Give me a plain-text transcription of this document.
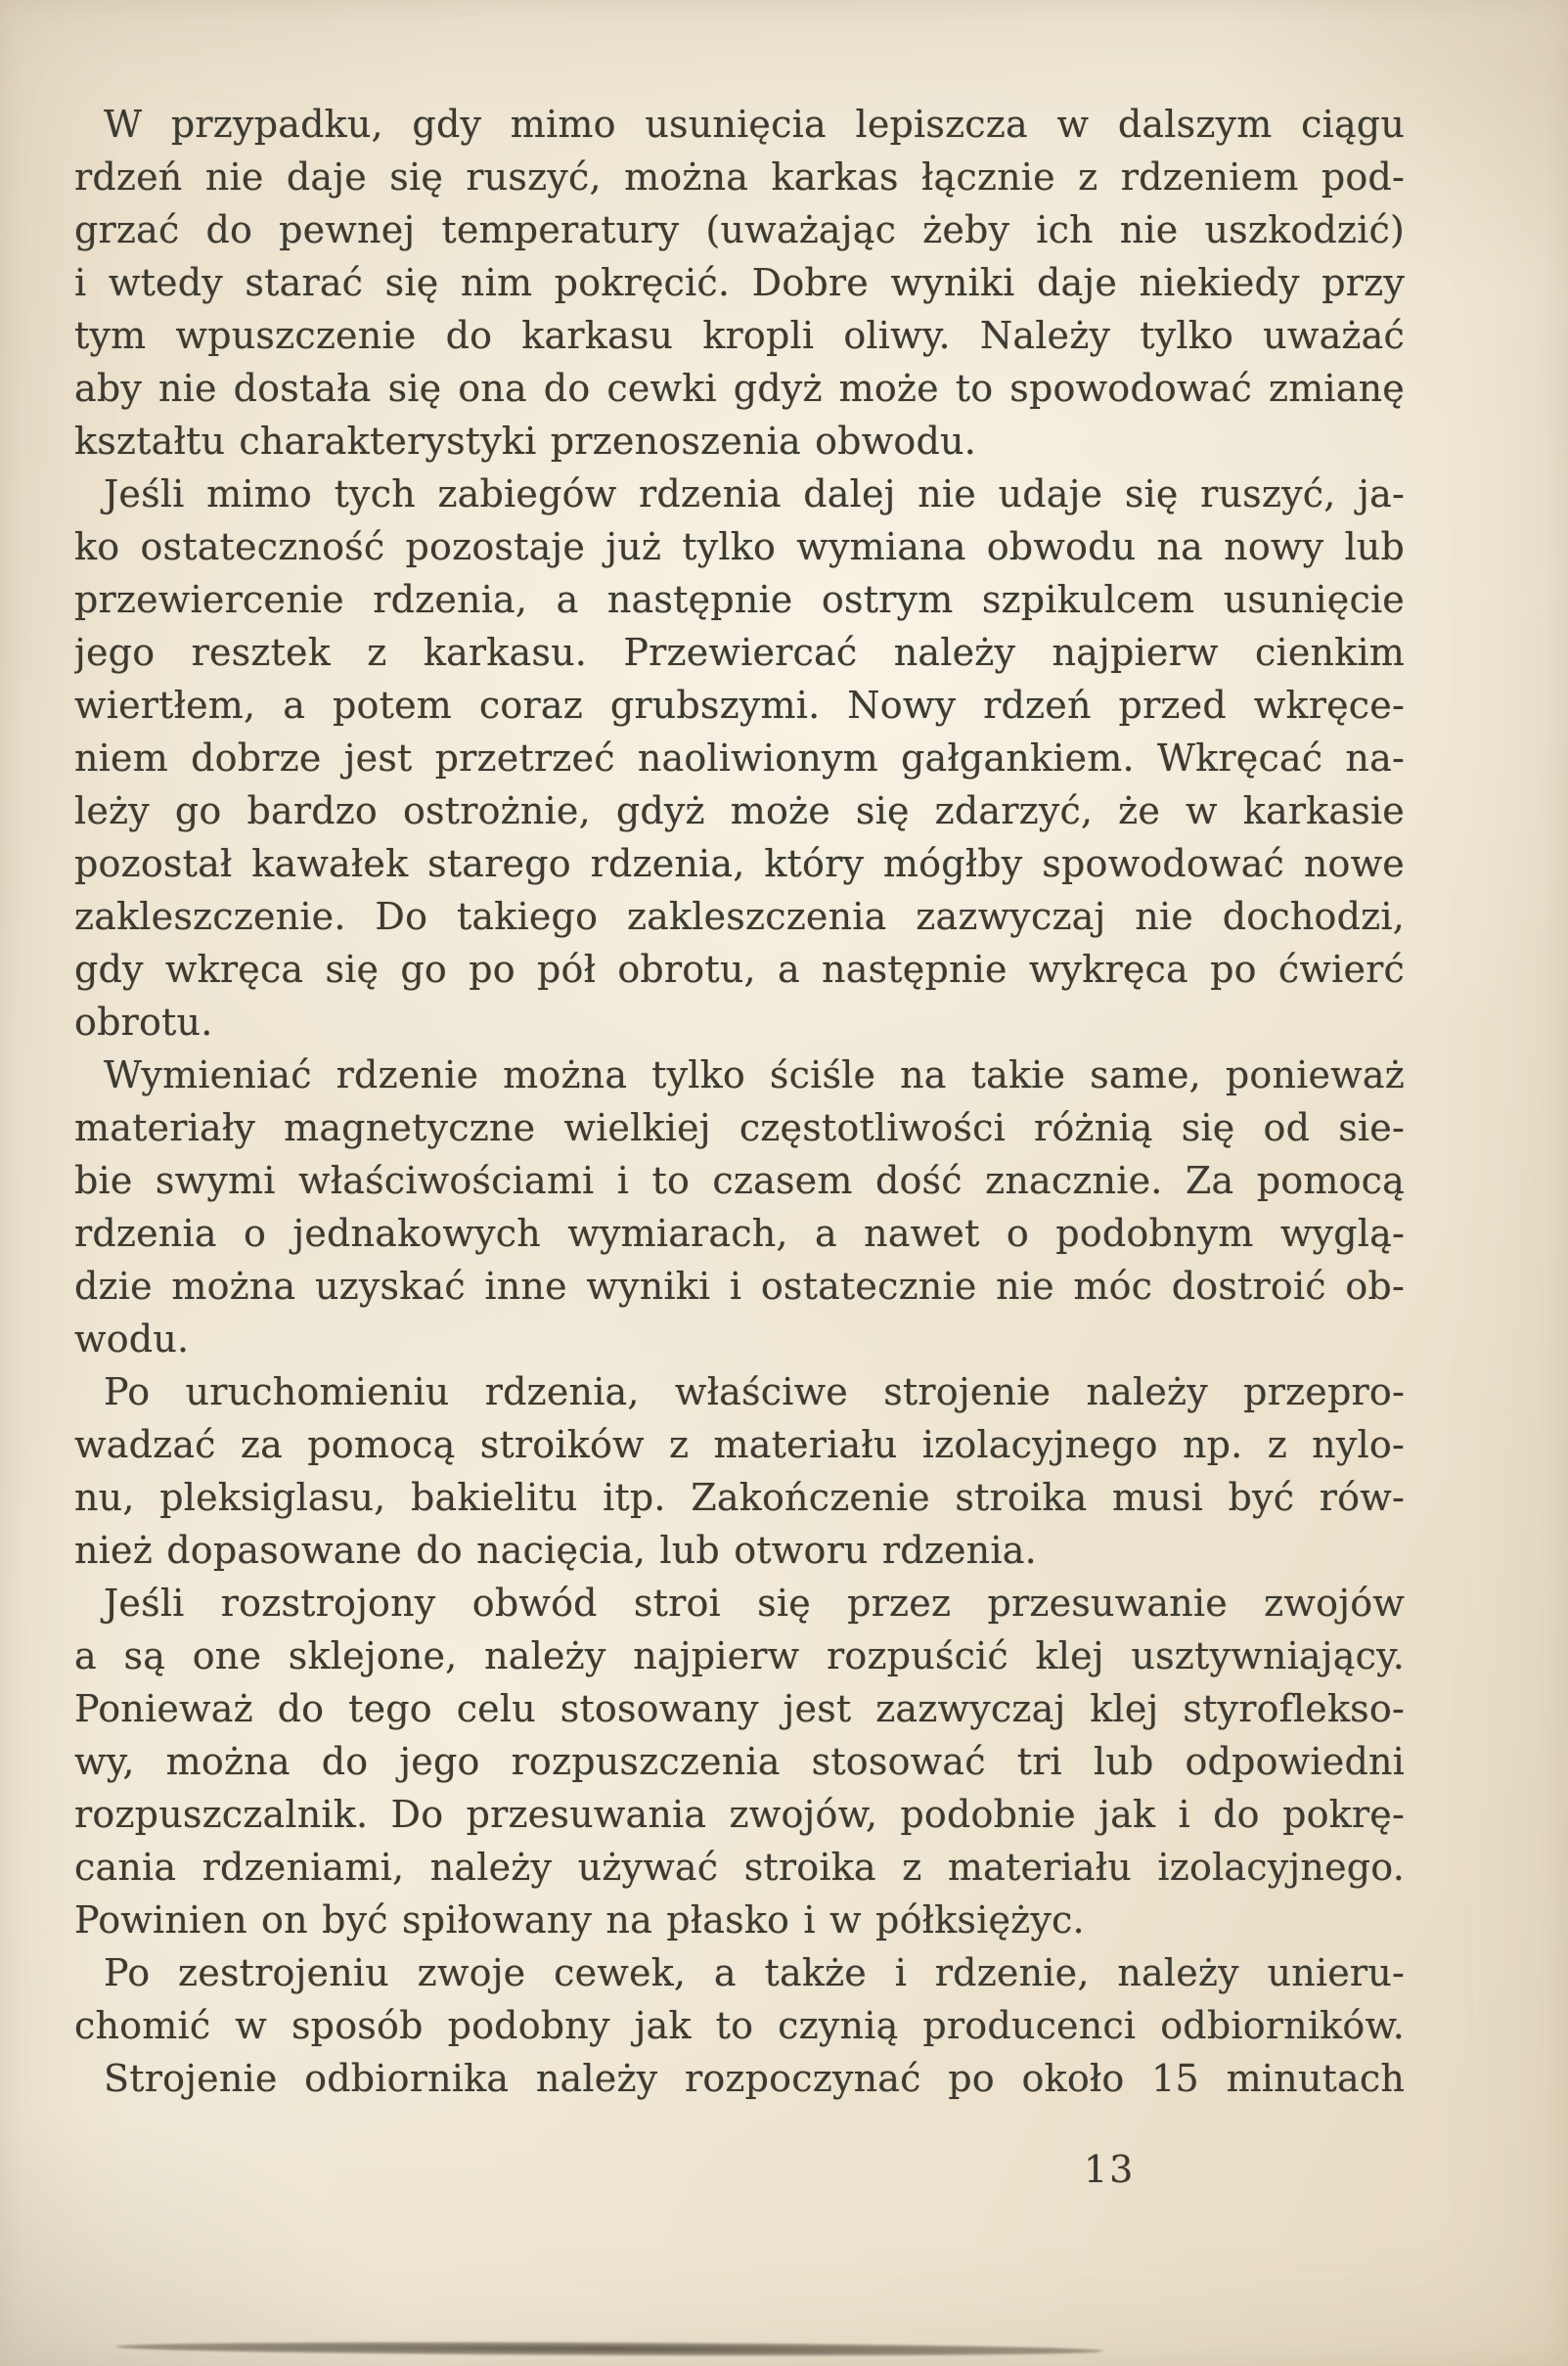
W przypadku, gdy mimo usunięcia lepiszcza w dalszym ciągu
rdzeń nie daje się ruszyć, można karkas łącznie z rdzeniem pod-
grzać do pewnej temperatury (uważając żeby ich nie uszkodzić)
i wtedy starać się nim pokręcić. Dobre wyniki daje niekiedy przy
tym wpuszczenie do karkasu kropli oliwy. Należy tylko uważać
aby nie dostała się ona do cewki gdyż może to spowodować zmianę
kształtu charakterystyki przenoszenia obwodu.
Jeśli mimo tych zabiegów rdzenia dalej nie udaje się ruszyć, ja-
ko ostateczność pozostaje już tylko wymiana obwodu na nowy lub
przewiercenie rdzenia, a następnie ostrym szpikulcem usunięcie
jego resztek z karkasu. Przewiercać należy najpierw cienkim
wiertłem, a potem coraz grubszymi. Nowy rdzeń przed wkręce-
niem dobrze jest przetrzeć naoliwionym gałgankiem. Wkręcać na-
leży go bardzo ostrożnie, gdyż może się zdarzyć, że w karkasie
pozostał kawałek starego rdzenia, który mógłby spowodować nowe
zakleszczenie. Do takiego zakleszczenia zazwyczaj nie dochodzi,
gdy wkręca się go po pół obrotu, a następnie wykręca po ćwierć
obrotu.
Wymieniać rdzenie można tylko ściśle na takie same, ponieważ
materiały magnetyczne wielkiej częstotliwości różnią się od sie-
bie swymi właściwościami i to czasem dość znacznie. Za pomocą
rdzenia o jednakowych wymiarach, a nawet o podobnym wyglą-
dzie można uzyskać inne wyniki i ostatecznie nie móc dostroić ob-
wodu.
Po uruchomieniu rdzenia, właściwe strojenie należy przepro-
wadzać za pomocą stroików z materiału izolacyjnego np. z nylo-
nu, pleksiglasu, bakielitu itp. Zakończenie stroika musi być rów-
nież dopasowane do nacięcia, lub otworu rdzenia.
Jeśli rozstrojony obwód stroi się przez przesuwanie zwojów
a są one sklejone, należy najpierw rozpuścić klej usztywniający.
Ponieważ do tego celu stosowany jest zazwyczaj klej styroflekso-
wy, można do jego rozpuszczenia stosować tri lub odpowiedni
rozpuszczalnik. Do przesuwania zwojów, podobnie jak i do pokrę-
cania rdzeniami, należy używać stroika z materiału izolacyjnego.
Powinien on być spiłowany na płasko i w półksiężyc.
Po zestrojeniu zwoje cewek, a także i rdzenie, należy unieru-
chomić w sposób podobny jak to czynią producenci odbiorników.
Strojenie odbiornika należy rozpoczynać po około 15 minutach
13
